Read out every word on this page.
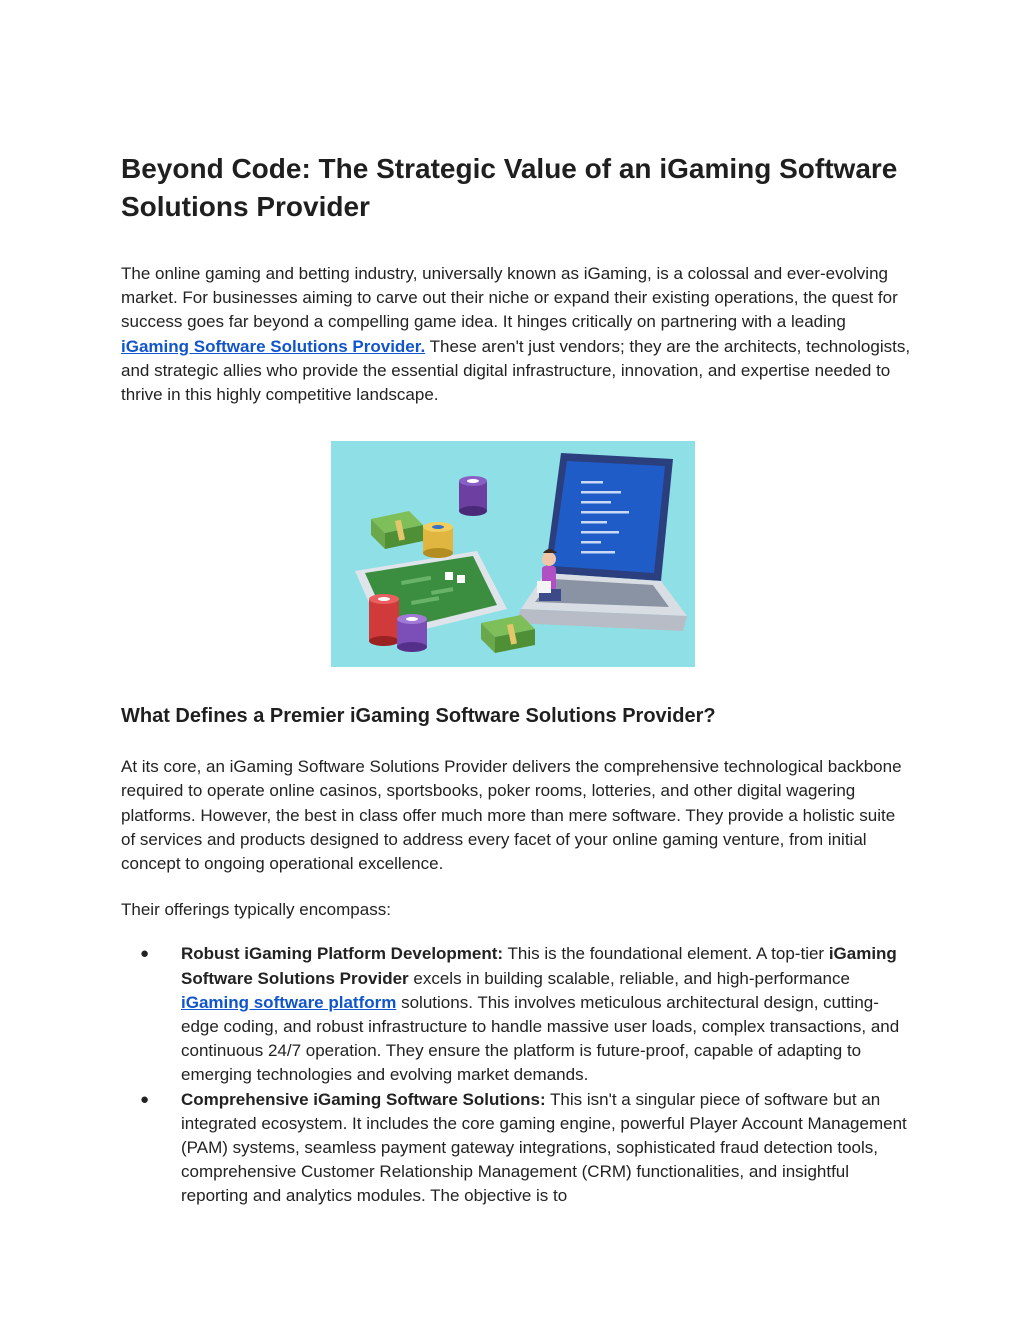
Beyond Code: The Strategic Value of an iGaming Software Solutions Provider

The online gaming and betting industry, universally known as iGaming, is a colossal and ever-evolving market. For businesses aiming to carve out their niche or expand their existing operations, the quest for success goes far beyond a compelling game idea. It hinges critically on partnering with a leading iGaming Software Solutions Provider. These aren't just vendors; they are the architects, technologists, and strategic allies who provide the essential digital infrastructure, innovation, and expertise needed to thrive in this highly competitive landscape.

What Defines a Premier iGaming Software Solutions Provider?

At its core, an iGaming Software Solutions Provider delivers the comprehensive technological backbone required to operate online casinos, sportsbooks, poker rooms, lotteries, and other digital wagering platforms. However, the best in class offer much more than mere software. They provide a holistic suite of services and products designed to address every facet of your online gaming venture, from initial concept to ongoing operational excellence.

Their offerings typically encompass:

● Robust iGaming Platform Development: This is the foundational element. A top-tier iGaming Software Solutions Provider excels in building scalable, reliable, and high-performance iGaming software platform solutions. This involves meticulous architectural design, cutting-edge coding, and robust infrastructure to handle massive user loads, complex transactions, and continuous 24/7 operation. They ensure the platform is future-proof, capable of adapting to emerging technologies and evolving market demands.
● Comprehensive iGaming Software Solutions: This isn't a singular piece of software but an integrated ecosystem. It includes the core gaming engine, powerful Player Account Management (PAM) systems, seamless payment gateway integrations, sophisticated fraud detection tools, comprehensive Customer Relationship Management (CRM) functionalities, and insightful reporting and analytics modules. The objective is to
